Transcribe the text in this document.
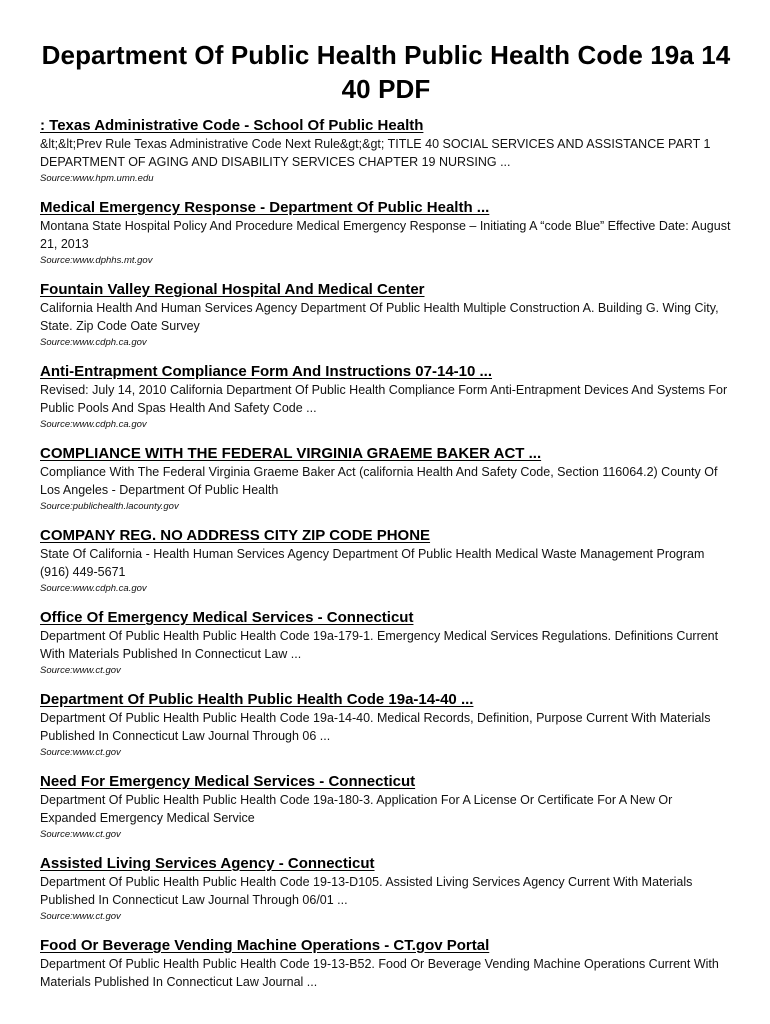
Department Of Public Health Public Health Code 19a 14 40 PDF
: Texas Administrative Code - School Of Public Health

&lt;&lt;Prev Rule Texas Administrative Code Next Rule&gt;&gt; TITLE 40 SOCIAL SERVICES AND ASSISTANCE PART 1 DEPARTMENT OF AGING AND DISABILITY SERVICES CHAPTER 19 NURSING ...

Source:www.hpm.umn.edu

Medical Emergency Response - Department Of Public Health ...

Montana State Hospital Policy And Procedure Medical Emergency Response – Initiating A “code Blue” Effective Date: August 21, 2013

Source:www.dphhs.mt.gov

Fountain Valley Regional Hospital And Medical Center

California Health And Human Services Agency Department Of Public Health Multiple Construction A. Building G. Wing City, State. Zip Code Oate Survey

Source:www.cdph.ca.gov

Anti-Entrapment Compliance Form And Instructions 07-14-10 ...

Revised: July 14, 2010 California Department Of Public Health Compliance Form Anti-Entrapment Devices And Systems For Public Pools And Spas Health And Safety Code ...

Source:www.cdph.ca.gov

COMPLIANCE WITH THE FEDERAL VIRGINIA GRAEME BAKER ACT ...

Compliance With The Federal Virginia Graeme Baker Act (california Health And Safety Code, Section 116064.2) County Of Los Angeles - Department Of Public Health

Source:publichealth.lacounty.gov

COMPANY REG. NO ADDRESS CITY ZIP CODE PHONE

State Of California - Health Human Services Agency Department Of Public Health Medical Waste Management Program (916) 449-5671

Source:www.cdph.ca.gov

Office Of Emergency Medical Services - Connecticut

Department Of Public Health Public Health Code 19a-179-1. Emergency Medical Services Regulations. Definitions Current With Materials Published In Connecticut Law ...

Source:www.ct.gov

Department Of Public Health Public Health Code 19a-14-40 ...

Department Of Public Health Public Health Code 19a-14-40. Medical Records, Definition, Purpose Current With Materials Published In Connecticut Law Journal Through 06 ...

Source:www.ct.gov

Need For Emergency Medical Services - Connecticut

Department Of Public Health Public Health Code 19a-180-3. Application For A License Or Certificate For A New Or Expanded Emergency Medical Service

Source:www.ct.gov

Assisted Living Services Agency - Connecticut

Department Of Public Health Public Health Code 19-13-D105. Assisted Living Services Agency Current With Materials Published In Connecticut Law Journal Through 06/01 ...

Source:www.ct.gov

Food Or Beverage Vending Machine Operations - CT.gov Portal

Department Of Public Health Public Health Code 19-13-B52. Food Or Beverage Vending Machine Operations Current With Materials Published In Connecticut Law Journal ...
